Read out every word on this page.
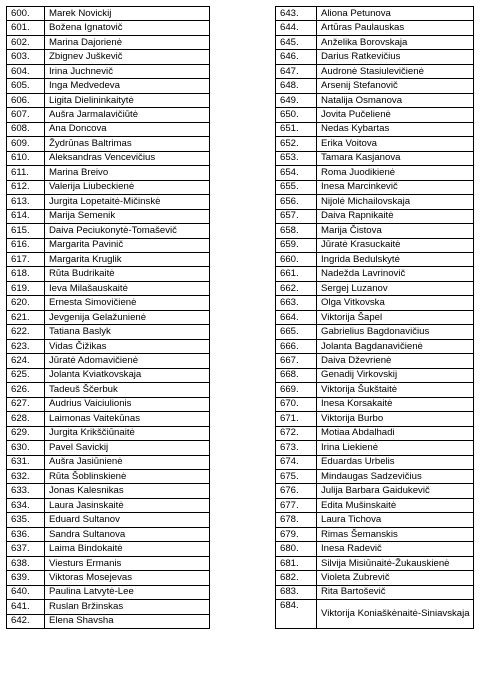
600.	Marek Novickij
601.	Božena Ignatovič
602.	Marina Dajorienė
603.	Zbignev Juškevič
604.	Irina Juchnevič
605.	Inga Medvedeva
606.	Ligita Dielininkaitytė
607.	Aušra Jarmalavičiūtė
608.	Ana Doncova
609.	Žydrūnas Baltrimas
610.	Aleksandras Vencevičius
611.	Marina Breivo
612.	Valerija Liubeckienė
613.	Jurgita Lopetaitė-Mičinskė
614.	Marija Semenik
615.	Daiva Peciukonytė-Tomaševič
616.	Margarita Pavinič
617.	Margarita Kruglik
618.	Rūta Budrikaitė
619.	Ieva Milašauskaitė
620.	Ernesta Simovičienė
621.	Jevgenija Gelažunienė
622.	Tatiana Baslyk
623.	Vidas Čižikas
624.	Jūratė Adomavičienė
625.	Jolanta Kviatkovskaja
626.	Tadeuš Ščerbuk
627.	Audrius Vaiciulionis
628.	Laimonas Vaitekūnas
629.	Jurgita Krikščiūnaitė
630.	Pavel Savickij
631.	Aušra Jasiūnienė
632.	Rūta Šoblinskienė
633.	Jonas Kalesnikas
634.	Laura Jasinskaitė
635.	Eduard Sultanov
636.	Sandra Sultanova
637.	Laima Bindokaitė
638.	Viesturs Ermanis
639.	Viktoras Mosejevas
640.	Paulina Latvytė-Lee
641.	Ruslan Bržinskas
642.	Elena Shavsha
643.	Aliona Petunova
644.	Artūras Paulauskas
645.	Anželika Borovskaja
646.	Darius Ratkevičius
647.	Audronė Stasiulevičienė
648.	Arsenij Stefanovič
649.	Natalija Osmanova
650.	Jovita Pučelienė
651.	Nedas Kybartas
652.	Erika Voitova
653.	Tamara Kasjanova
654.	Roma Juodikienė
655.	Inesa Marcinkevič
656.	Nijolė Michailovskaja
657.	Daiva Rapnikaitė
658.	Marija Čistova
659.	Jūratė Krasuckaitė
660.	Ingrida Bedulskytė
661.	Nadežda Lavrinovič
662.	Sergej Luzanov
663.	Olga Vitkovska
664.	Viktorija Šapel
665.	Gabrielius Bagdonavičius
666.	Jolanta Bagdanavičienė
667.	Daiva Dževrienė
668.	Genadij Virkovskij
669.	Viktorija Šukštaitė
670.	Inesa Korsakaitė
671.	Viktorija Burbo
672.	Motiaa Abdalhadi
673.	Irina Liekienė
674.	Eduardas Urbelis
675.	Mindaugas Sadzevičius
676.	Julija Barbara Gaidukevič
677.	Edita Mušinskaitė
678.	Laura Tichova
679.	Rimas Šemanskis
680.	Inesa Radevič
681.	Silvija Misiūnaitė-Žukauskienė
682.	Violeta Zubrevič
683.	Rita Bartoševič
684.	Viktorija Koniaškėnaitė-Siniavskaja
